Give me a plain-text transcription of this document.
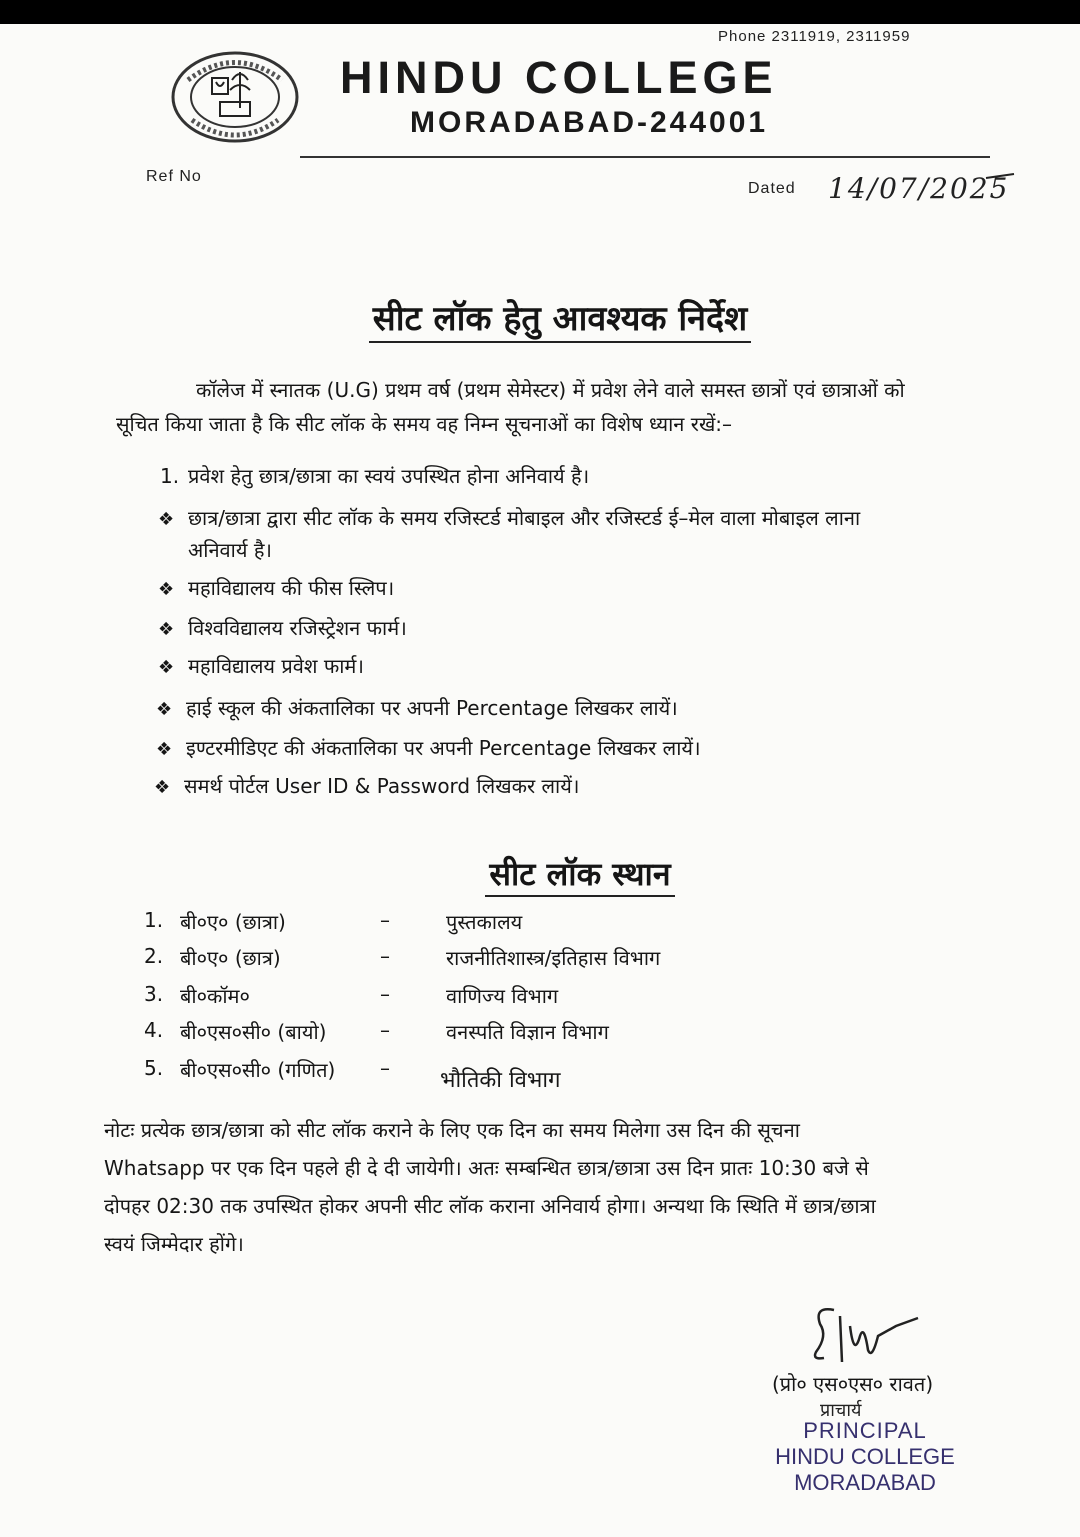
Phone 2311919, 2311959
HINDU COLLEGE
MORADABAD-244001
Ref No
Dated 14/07/2025
सीट लॉक हेतु आवश्यक निर्देश
कॉलेज में स्नातक (U.G) प्रथम वर्ष (प्रथम सेमेस्टर) में प्रवेश लेने वाले समस्त छात्रों एवं छात्राओं को
सूचित किया जाता है कि सीट लॉक के समय वह निम्न सूचनाओं का विशेष ध्यान रखें:–
1. प्रवेश हेतु छात्र/छात्रा का स्वयं उपस्थित होना अनिवार्य है।
❖ छात्र/छात्रा द्वारा सीट लॉक के समय रजिस्टर्ड मोबाइल और रजिस्टर्ड ई–मेल वाला मोबाइल लाना
अनिवार्य है।
❖ महाविद्यालय की फीस स्लिप।
❖ विश्वविद्यालय रजिस्ट्रेशन फार्म।
❖ महाविद्यालय प्रवेश फार्म।
❖ हाई स्कूल की अंकतालिका पर अपनी Percentage लिखकर लायें।
❖ इण्टरमीडिएट की अंकतालिका पर अपनी Percentage लिखकर लायें।
❖ समर्थ पोर्टल User ID & Password लिखकर लायें।
सीट लॉक स्थान
1. बी०ए० (छात्रा)	–	पुस्तकालय
2. बी०ए० (छात्र)	–	राजनीतिशास्त्र/इतिहास विभाग
3. बी०कॉम०	–	वाणिज्य विभाग
4. बी०एस०सी० (बायो)	–	वनस्पति विज्ञान विभाग
5. बी०एस०सी० (गणित) – भौतिकी विभाग
नोटः प्रत्येक छात्र/छात्रा को सीट लॉक कराने के लिए एक दिन का समय मिलेगा उस दिन की सूचना
Whatsapp पर एक दिन पहले ही दे दी जायेगी। अतः सम्बन्धित छात्र/छात्रा उस दिन प्रातः 10:30 बजे से
दोपहर 02:30 तक उपस्थित होकर अपनी सीट लॉक कराना अनिवार्य होगा। अन्यथा कि स्थिति में छात्र/छात्रा
स्वयं जिम्मेदार होंगे।
(प्रो० एस०एस० रावत)
प्राचार्य
PRINCIPAL
HINDU COLLEGE
MORADABAD
